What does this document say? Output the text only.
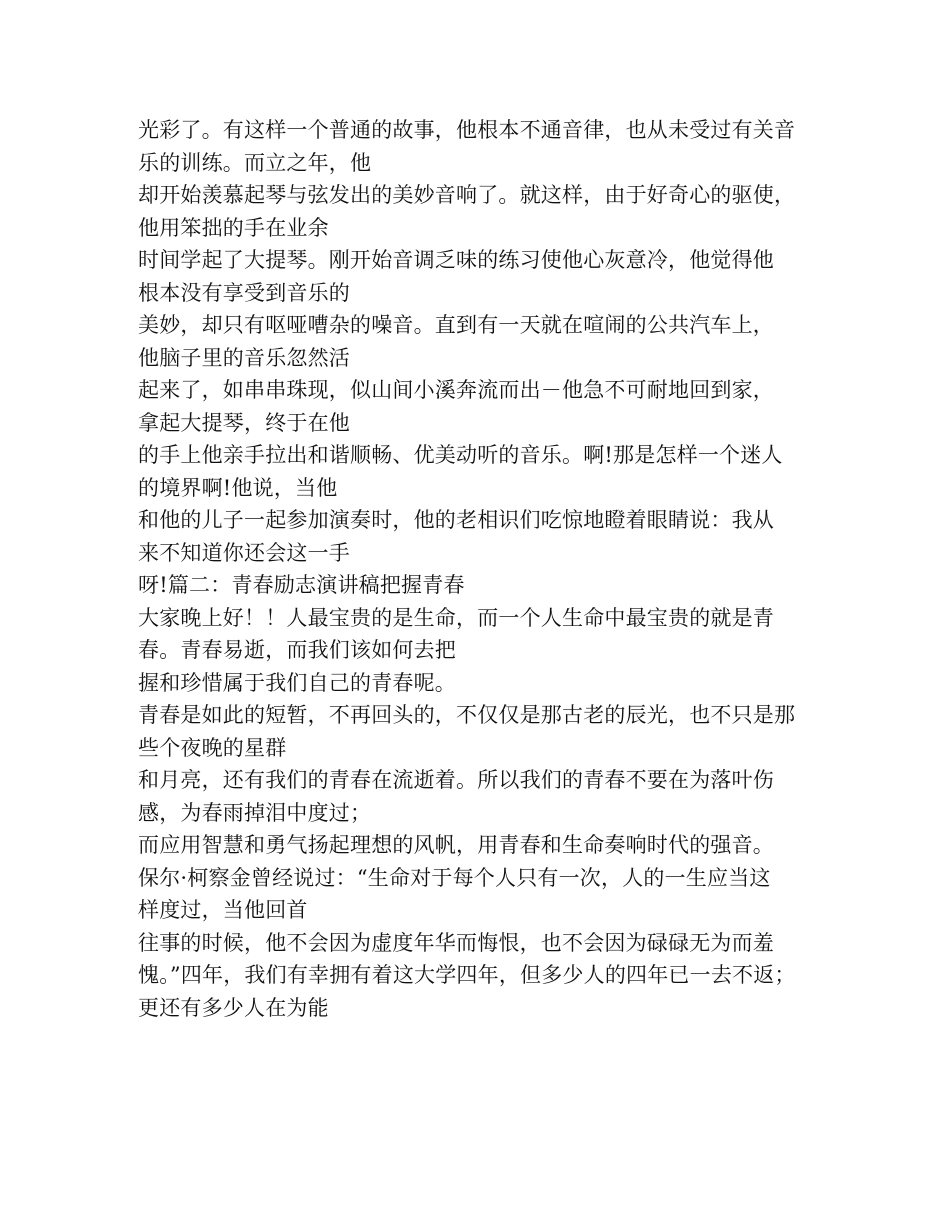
光彩了。有这样一个普通的故事，他根本不通音律，也从未受过有关音
乐的训练。而立之年，他
却开始羡慕起琴与弦发出的美妙音响了。就这样，由于好奇心的驱使，
他用笨拙的手在业余
时间学起了大提琴。刚开始音调乏味的练习使他心灰意冷，他觉得他
根本没有享受到音乐的
美妙，却只有呕哑嘈杂的噪音。直到有一天就在喧闹的公共汽车上，
他脑子里的音乐忽然活
起来了，如串串珠现，似山间小溪奔流而出－他急不可耐地回到家，
拿起大提琴，终于在他
的手上他亲手拉出和谐顺畅、优美动听的音乐。啊!那是怎样一个迷人
的境界啊!他说，当他
和他的儿子一起参加演奏时，他的老相识们吃惊地瞪着眼睛说：我从
来不知道你还会这一手
呀!篇二：青春励志演讲稿把握青春
大家晚上好！！人最宝贵的是生命，而一个人生命中最宝贵的就是青
春。青春易逝，而我们该如何去把
握和珍惜属于我们自己的青春呢。
青春是如此的短暂，不再回头的，不仅仅是那古老的辰光，也不只是那
些个夜晚的星群
和月亮，还有我们的青春在流逝着。所以我们的青春不要在为落叶伤
感，为春雨掉泪中度过；
而应用智慧和勇气扬起理想的风帆，用青春和生命奏响时代的强音。
保尔·柯察金曾经说过：“生命对于每个人只有一次，人的一生应当这
样度过，当他回首
往事的时候，他不会因为虚度年华而悔恨，也不会因为碌碌无为而羞
愧。”四年，我们有幸拥有着这大学四年，但多少人的四年已一去不返；
更还有多少人在为能
